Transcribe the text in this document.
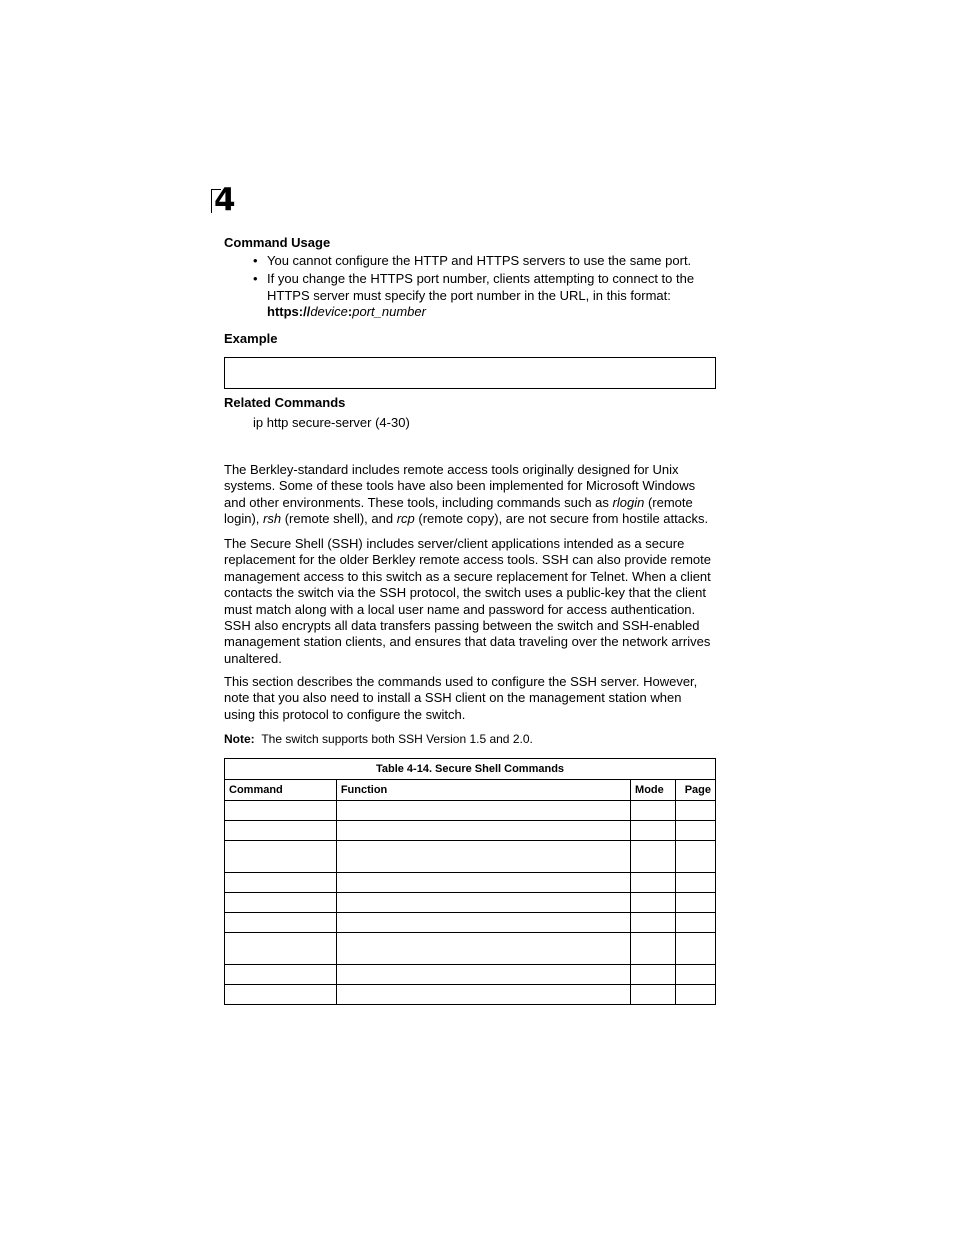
4
Command Usage
• You cannot configure the HTTP and HTTPS servers to use the same port.
• If you change the HTTPS port number, clients attempting to connect to the HTTPS server must specify the port number in the URL, in this format:
https://device:port_number
Example
Related Commands
ip http secure-server (4-30)

The Berkley-standard includes remote access tools originally designed for Unix systems. Some of these tools have also been implemented for Microsoft Windows and other environments. These tools, including commands such as rlogin (remote login), rsh (remote shell), and rcp (remote copy), are not secure from hostile attacks.

The Secure Shell (SSH) includes server/client applications intended as a secure replacement for the older Berkley remote access tools. SSH can also provide remote management access to this switch as a secure replacement for Telnet. When a client contacts the switch via the SSH protocol, the switch uses a public-key that the client must match along with a local user name and password for access authentication. SSH also encrypts all data transfers passing between the switch and SSH-enabled management station clients, and ensures that data traveling over the network arrives unaltered.

This section describes the commands used to configure the SSH server. However, note that you also need to install a SSH client on the management station when using this protocol to configure the switch.

Note: The switch supports both SSH Version 1.5 and 2.0.
Table 4-14. Secure Shell Commands			
Command	Function	Mode	Page
